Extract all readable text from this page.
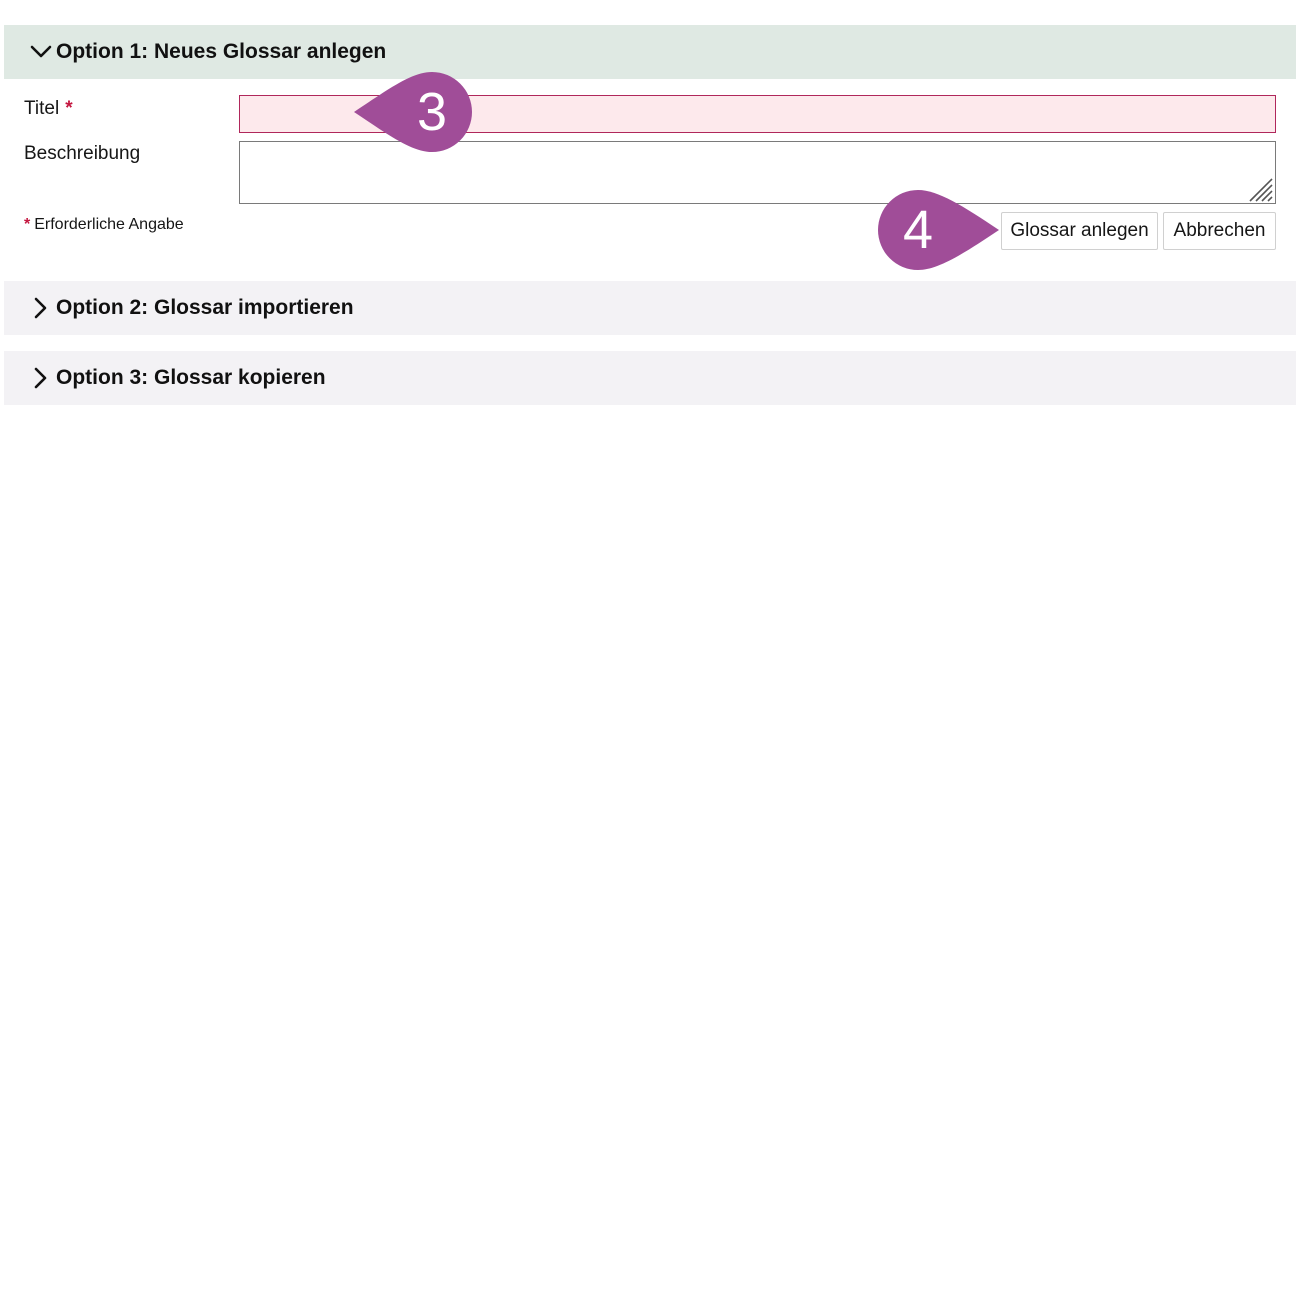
Option 1: Neues Glossar anlegen
Titel *
Beschreibung
* Erforderliche Angabe	Glossar anlegen	Abbrechen
Option 2: Glossar importieren
Option 3: Glossar kopieren
3
4
